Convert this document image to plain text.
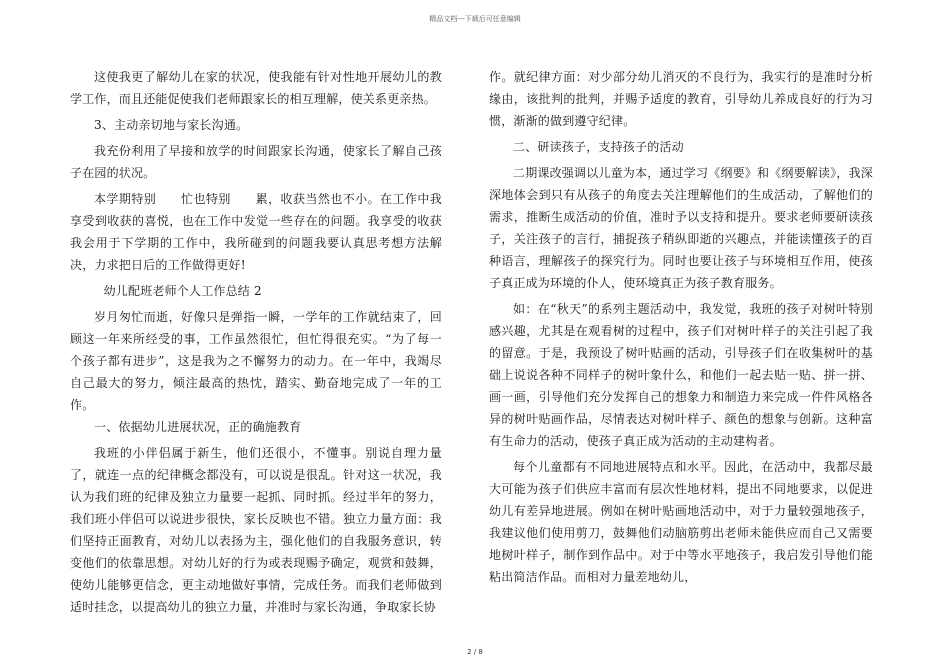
精品文档---下载后可任意编辑

这使我更了解幼儿在家的状况，使我能有针对性地开展幼儿的教学工作，而且还能促使我们老师跟家长的相互理解，使关系更亲热。

3、主动亲切地与家长沟通。

我充份利用了早接和放学的时间跟家长沟通，使家长了解自己孩子在园的状况。

本学期特别　　忙也特别　　累，收获当然也不小。在工作中我享受到收获的喜悦，也在工作中发觉一些存在的问题。我享受的收获我会用于下学期的工作中，我所碰到的问题我要认真思考想方法解决，力求把日后的工作做得更好!

幼儿配班老师个人工作总结 2

岁月匆忙而逝，好像只是弹指一瞬，一学年的工作就结束了，回顾这一年来所经受的事，工作虽然很忙，但忙得很充实。“为了每一个孩子都有进步”，这是我为之不懈努力的动力。在一年中，我竭尽自己最大的努力，倾注最高的热忱，踏实、勤奋地完成了一年的工作。

一、依据幼儿进展状况，正的确施教育

我班的小伴侣属于新生，他们还很小，不懂事。别说自理力量了，就连一点的纪律概念都没有，可以说是很乱。针对这一状况，我认为我们班的纪律及独立力量要一起抓、同时抓。经过半年的努力，我们班小伴侣可以说进步很快，家长反映也不错。独立力量方面：我们坚持正面教育，对幼儿以表扬为主，强化他们的自我服务意识，转变他们的依靠思想。对幼儿好的行为或表现赐予确定，观赏和鼓舞，使幼儿能够更信念，更主动地做好事情，完成任务。而我们老师做到适时挂念，以提高幼儿的独立力量，并准时与家长沟通，争取家长协

作。就纪律方面：对少部分幼儿消灭的不良行为，我实行的是准时分析缘由，该批判的批判，并赐予适度的教育，引导幼儿养成良好的行为习惯，渐渐的做到遵守纪律。

二、研读孩子，支持孩子的活动

二期课改强调以儿童为本，通过学习《纲要》和《纲要解读》，我深深地体会到只有从孩子的角度去关注理解他们的生成活动，了解他们的需求，推断生成活动的价值，准时予以支持和提升。要求老师要研读孩子，关注孩子的言行，捕捉孩子稍纵即逝的兴趣点，并能读懂孩子的百种语言，理解孩子的探究行为。同时也要让孩子与环境相互作用，使孩子真正成为环境的仆人，使环境真正为孩子教育服务。

如：在“秋天”的系列主题活动中，我发觉，我班的孩子对树叶特别感兴趣，尤其是在观看树的过程中，孩子们对树叶样子的关注引起了我的留意。于是，我预设了树叶贴画的活动，引导孩子们在收集树叶的基础上说说各种不同样子的树叶象什么，和他们一起去贴一贴、拼一拼、画一画，引导他们充分发挥自己的想象力和制造力来完成一件件风格各异的树叶贴画作品，尽情表达对树叶样子、颜色的想象与创新。这种富有生命力的活动，使孩子真正成为活动的主动建构者。

每个儿童都有不同地进展特点和水平。因此，在活动中，我都尽最大可能为孩子们供应丰富而有层次性地材料，提出不同地要求，以促进幼儿有差异地进展。例如在树叶贴画地活动中，对于力量较强地孩子，我建议他们使用剪刀，鼓舞他们动脑筋剪出老师未能供应而自己又需要地树叶样子，制作到作品中。对于中等水平地孩子，我启发引导他们能粘出简洁作品。而相对力量差地幼儿，

2 / 8
